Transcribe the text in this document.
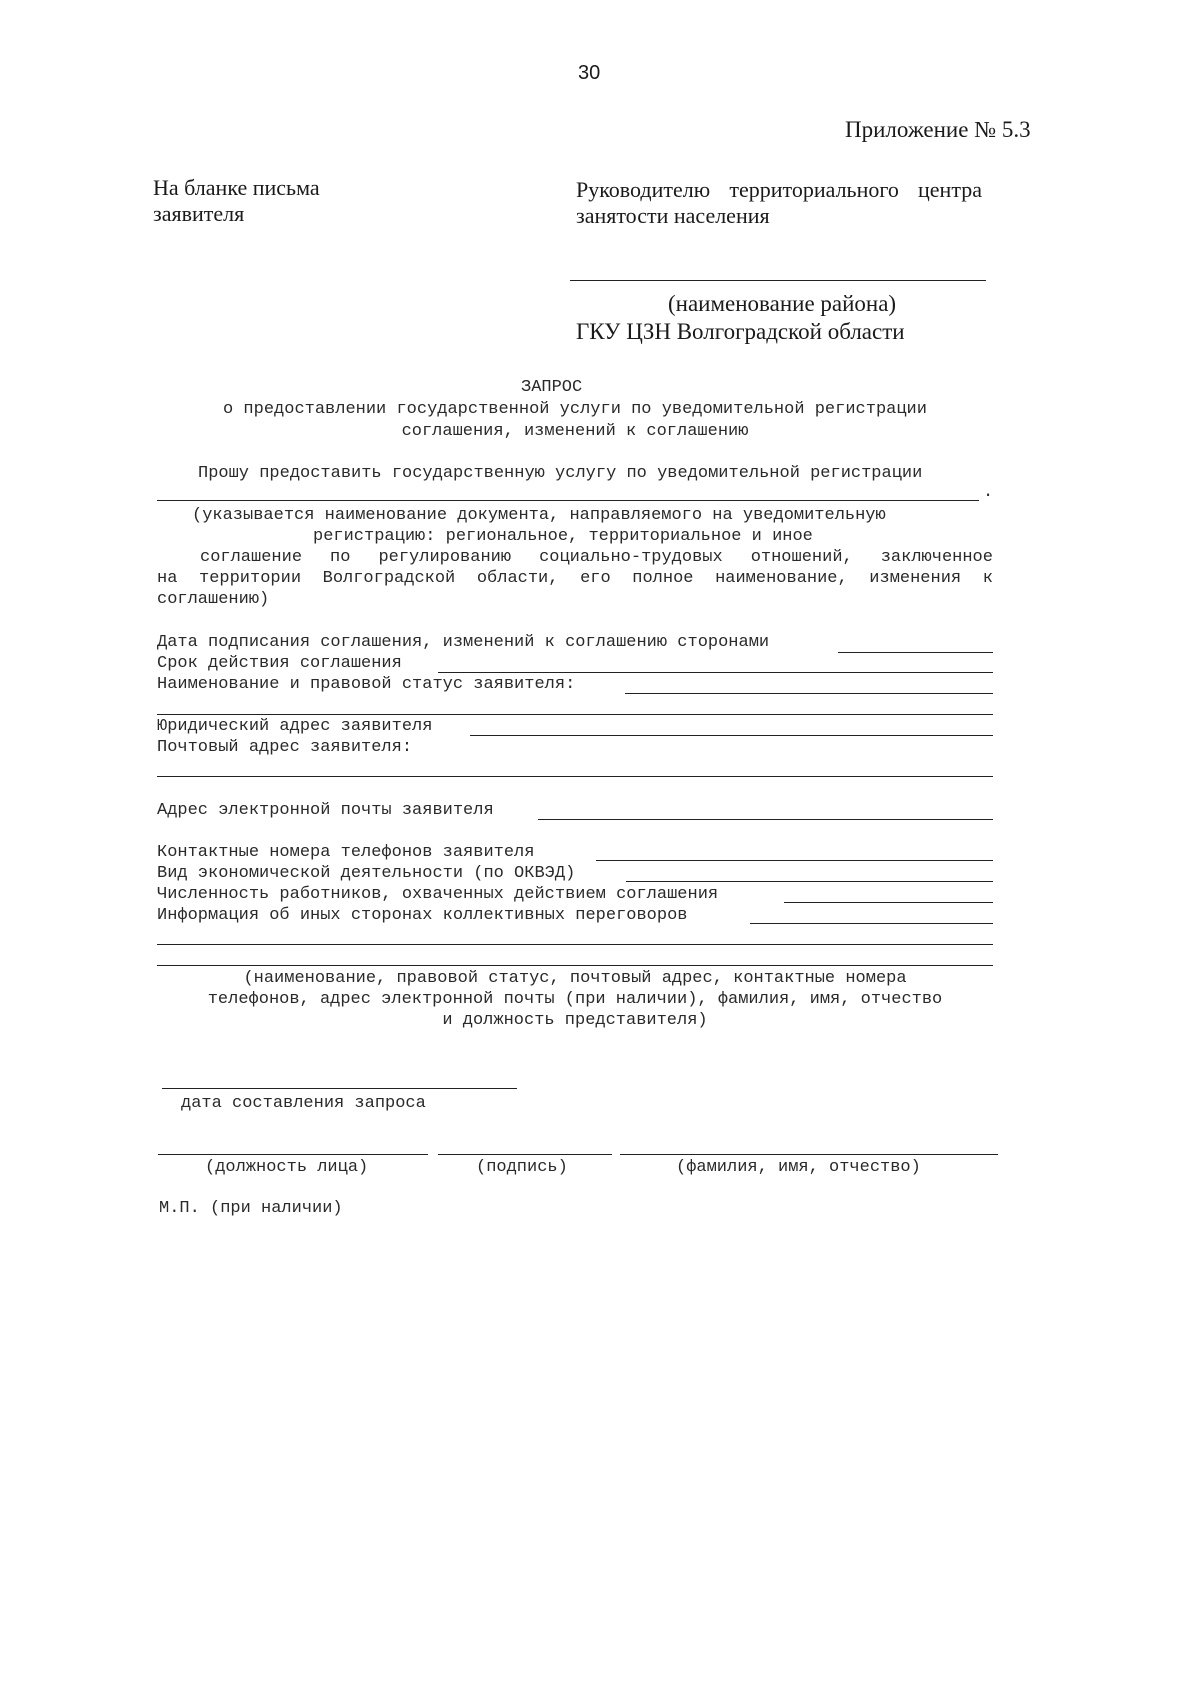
30
Приложение № 5.3
На бланке письма
заявителя
Руководителю территориального центра
занятости населения
(наименование района)
ГКУ ЦЗН Волгоградской области
ЗАПРОС
о предоставлении государственной услуги по уведомительной регистрации
соглашения, изменений к соглашению
Прошу предоставить государственную услугу по уведомительной регистрации
.
(указывается наименование документа, направляемого на уведомительную
регистрацию: региональное, территориальное и иное
соглашение по регулированию социально-трудовых отношений, заключенное
на территории Волгоградской области, его полное наименование, изменения к
соглашению)
Дата подписания соглашения, изменений к соглашению сторонами
Срок действия соглашения
Наименование и правовой статус заявителя:
Юридический адрес заявителя
Почтовый адрес заявителя:
Адрес электронной почты заявителя
Контактные номера телефонов заявителя
Вид экономической деятельности (по ОКВЭД)
Численность работников, охваченных действием соглашения
Информация об иных сторонах коллективных переговоров
(наименование, правовой статус, почтовый адрес, контактные номера
телефонов, адрес электронной почты (при наличии), фамилия, имя, отчество
и должность представителя)
дата составления запроса
(должность лица)	(подпись)	(фамилия, имя, отчество)
М.П. (при наличии)
